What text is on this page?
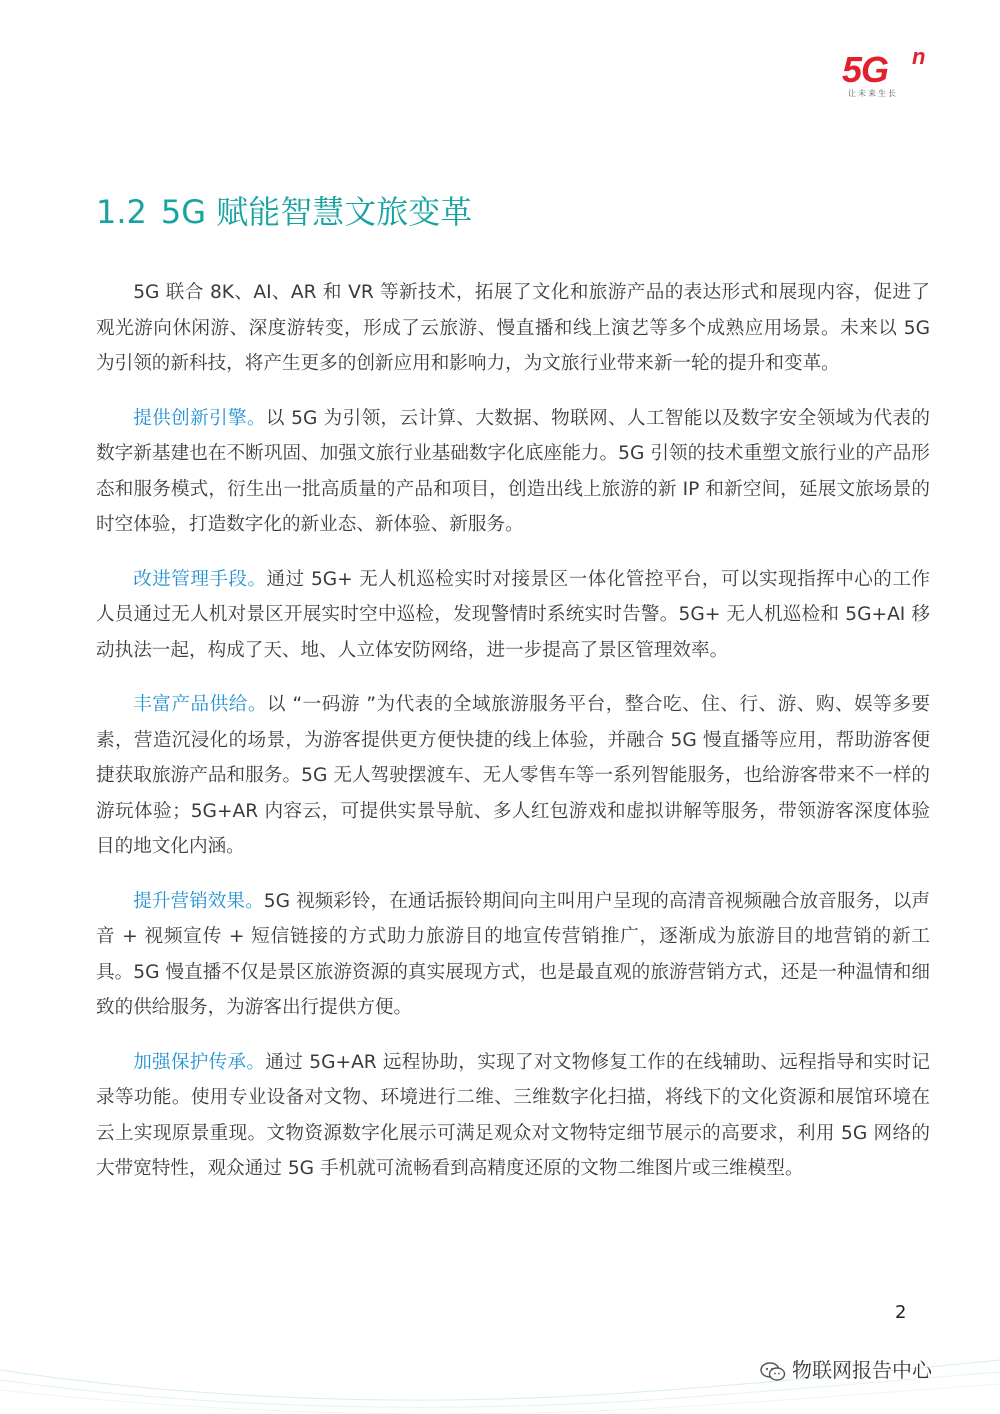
5G n
让未来生长
1.2 5G 赋能智慧文旅变革

5G 联合 8K、AI、AR 和 VR 等新技术，拓展了文化和旅游产品的表达形式和展现内容，促进了观光游向休闲游、深度游转变，形成了云旅游、慢直播和线上演艺等多个成熟应用场景。未来以 5G 为引领的新科技，将产生更多的创新应用和影响力，为文旅行业带来新一轮的提升和变革。

提供创新引擎。以 5G 为引领，云计算、大数据、物联网、人工智能以及数字安全领域为代表的数字新基建也在不断巩固、加强文旅行业基础数字化底座能力。5G 引领的技术重塑文旅行业的产品形态和服务模式，衍生出一批高质量的产品和项目，创造出线上旅游的新 IP 和新空间，延展文旅场景的时空体验，打造数字化的新业态、新体验、新服务。

改进管理手段。通过 5G+ 无人机巡检实时对接景区一体化管控平台，可以实现指挥中心的工作人员通过无人机对景区开展实时空中巡检，发现警情时系统实时告警。5G+ 无人机巡检和 5G+AI 移动执法一起，构成了天、地、人立体安防网络，进一步提高了景区管理效率。

丰富产品供给。以 “一码游 ”为代表的全域旅游服务平台，整合吃、住、行、游、购、娱等多要素，营造沉浸化的场景，为游客提供更方便快捷的线上体验，并融合 5G 慢直播等应用，帮助游客便捷获取旅游产品和服务。5G 无人驾驶摆渡车、无人零售车等一系列智能服务，也给游客带来不一样的游玩体验；5G+AR 内容云，可提供实景导航、多人红包游戏和虚拟讲解等服务，带领游客深度体验目的地文化内涵。

提升营销效果。5G 视频彩铃，在通话振铃期间向主叫用户呈现的高清音视频融合放音服务，以声音 + 视频宣传 + 短信链接的方式助力旅游目的地宣传营销推广，逐渐成为旅游目的地营销的新工具。5G 慢直播不仅是景区旅游资源的真实展现方式，也是最直观的旅游营销方式，还是一种温情和细致的供给服务，为游客出行提供方便。

加强保护传承。通过 5G+AR 远程协助，实现了对文物修复工作的在线辅助、远程指导和实时记录等功能。使用专业设备对文物、环境进行二维、三维数字化扫描，将线下的文化资源和展馆环境在云上实现原景重现。文物资源数字化展示可满足观众对文物特定细节展示的高要求，利用 5G 网络的大带宽特性，观众通过 5G 手机就可流畅看到高精度还原的文物二维图片或三维模型。

2
物联网报告中心
